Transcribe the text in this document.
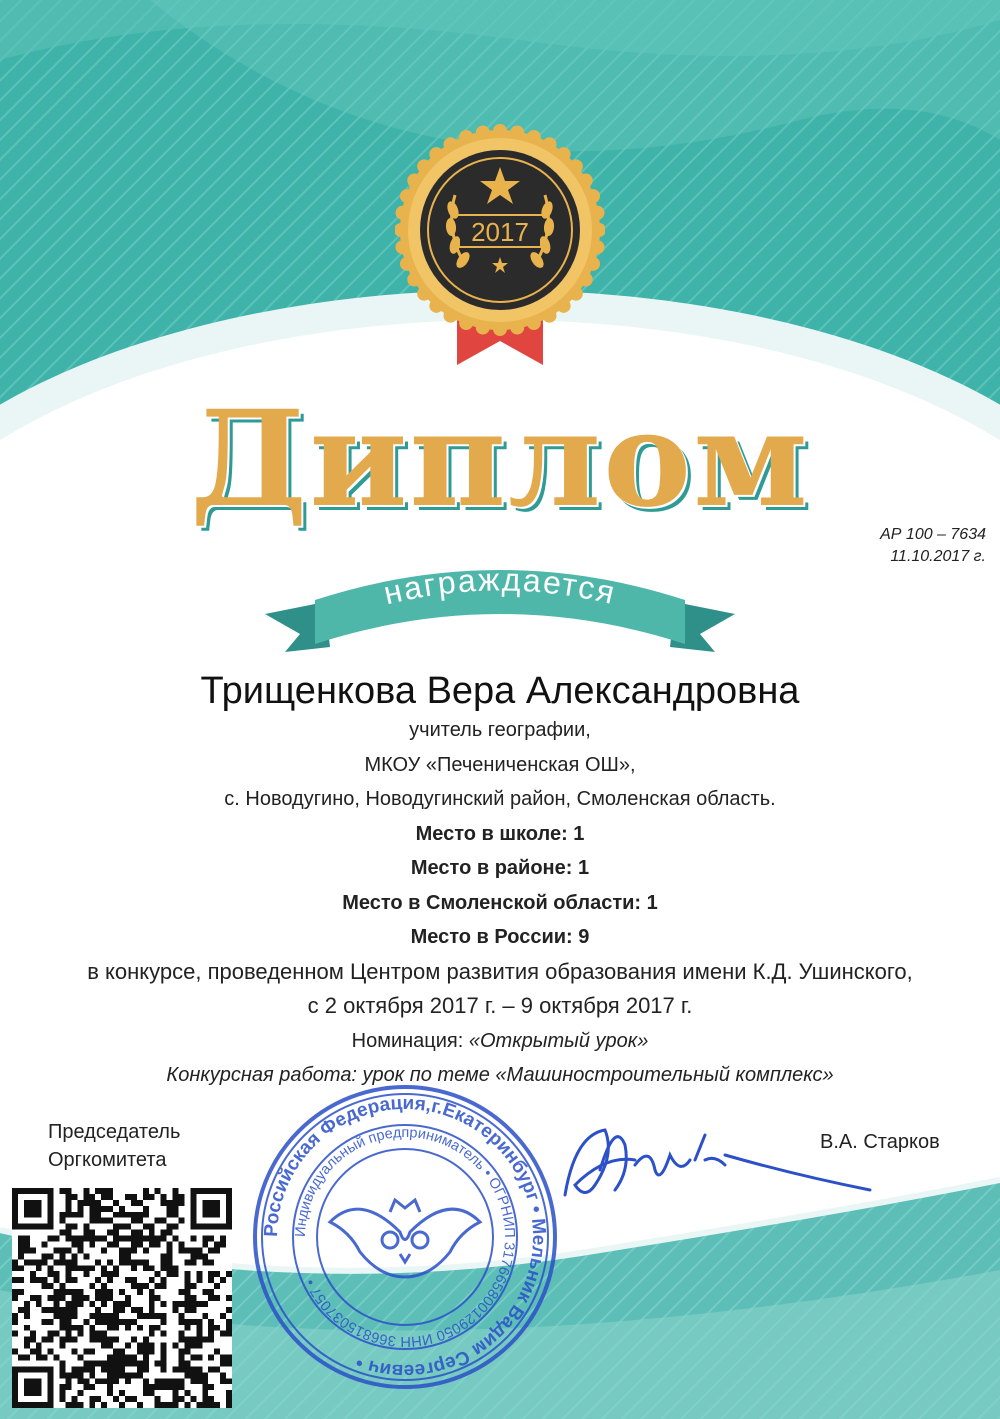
2017
Диплом	АР 100 – 7634
11.10.2017 г.
награждается
Трищенкова Вера Александровна
учитель географии,
МКОУ «Печениченская ОШ»,
с. Новодугино, Новодугинский район, Смоленская область.
Место в школе: 1
Место в районе: 1
Место в Смоленской области: 1
Место в России: 9
в конкурсе, проведенном Центром развития образования имени К.Д. Ушинского,
с 2 октября 2017 г. – 9 октября 2017 г.
Номинация: «Открытый урок»
Конкурсная работа: урок по теме «Машиностроительный комплекс»
Председатель
Оргкомитета
В.А. Старков
Российская Федерация,г.Екатеринбург • Мельник Вадим Сергеевич •
Индивидуальный предприниматель • ОГРНИП 317665800129050 ИНН 366815037057 •
